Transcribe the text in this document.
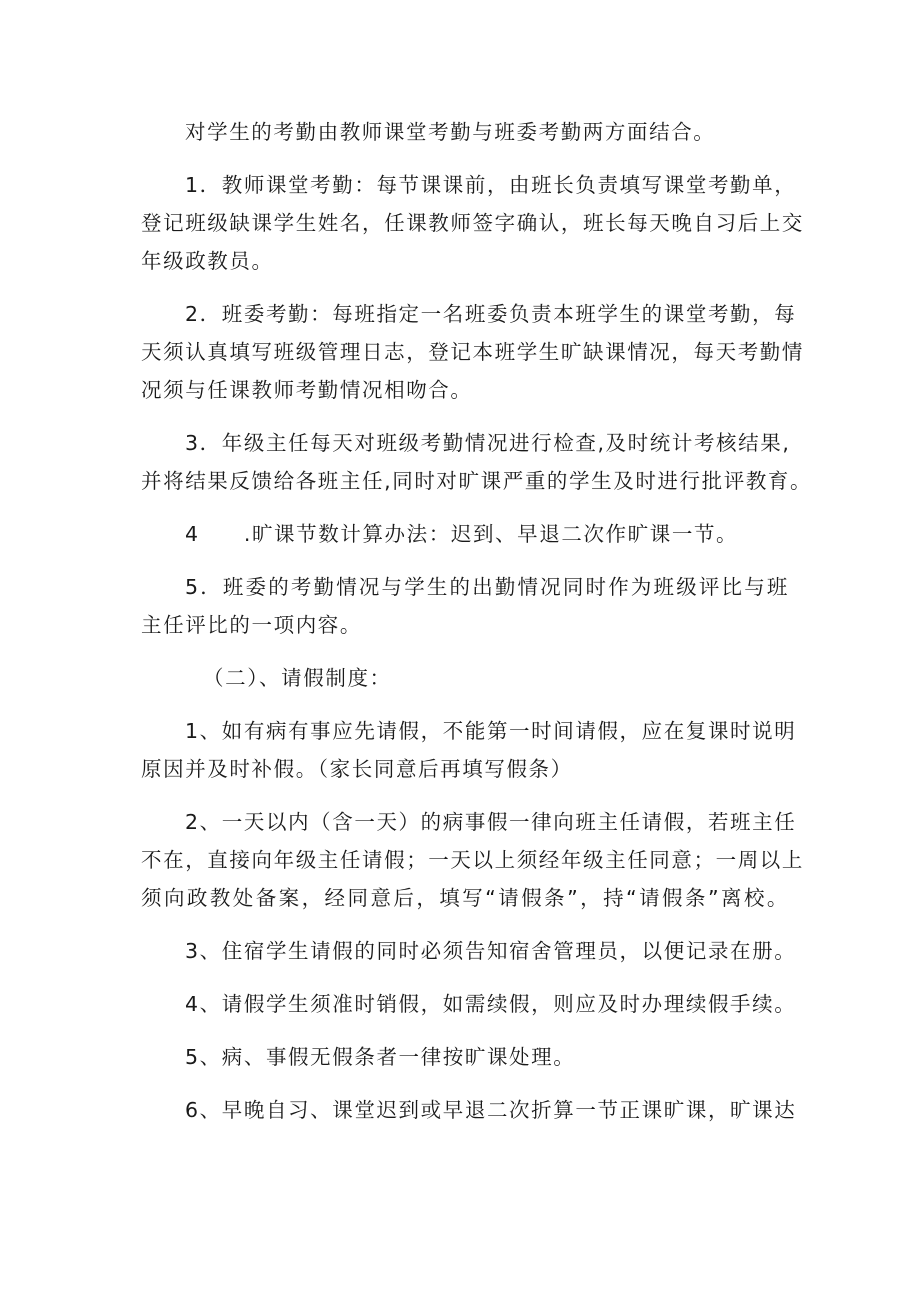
对学生的考勤由教师课堂考勤与班委考勤两方面结合。
1．教师课堂考勤：每节课课前，由班长负责填写课堂考勤单，
登记班级缺课学生姓名，任课教师签字确认，班长每天晚自习后上交
年级政教员。
2．班委考勤：每班指定一名班委负责本班学生的课堂考勤，每
天须认真填写班级管理日志，登记本班学生旷缺课情况，每天考勤情
况须与任课教师考勤情况相吻合。
3．年级主任每天对班级考勤情况进行检查,及时统计考核结果,
并将结果反馈给各班主任,同时对旷课严重的学生及时进行批评教育。
4　　.旷课节数计算办法：迟到、早退二次作旷课一节。
5．班委的考勤情况与学生的出勤情况同时作为班级评比与班
主任评比的一项内容。
（二）、请假制度：
1、如有病有事应先请假，不能第一时间请假，应在复课时说明
原因并及时补假。（家长同意后再填写假条）
2、一天以内（含一天）的病事假一律向班主任请假，若班主任
不在，直接向年级主任请假；一天以上须经年级主任同意；一周以上
须向政教处备案，经同意后，填写“请假条”，持“请假条”离校。
3、住宿学生请假的同时必须告知宿舍管理员，以便记录在册。
4、请假学生须准时销假，如需续假，则应及时办理续假手续。
5、病、事假无假条者一律按旷课处理。
6、早晚自习、课堂迟到或早退二次折算一节正课旷课，旷课达
